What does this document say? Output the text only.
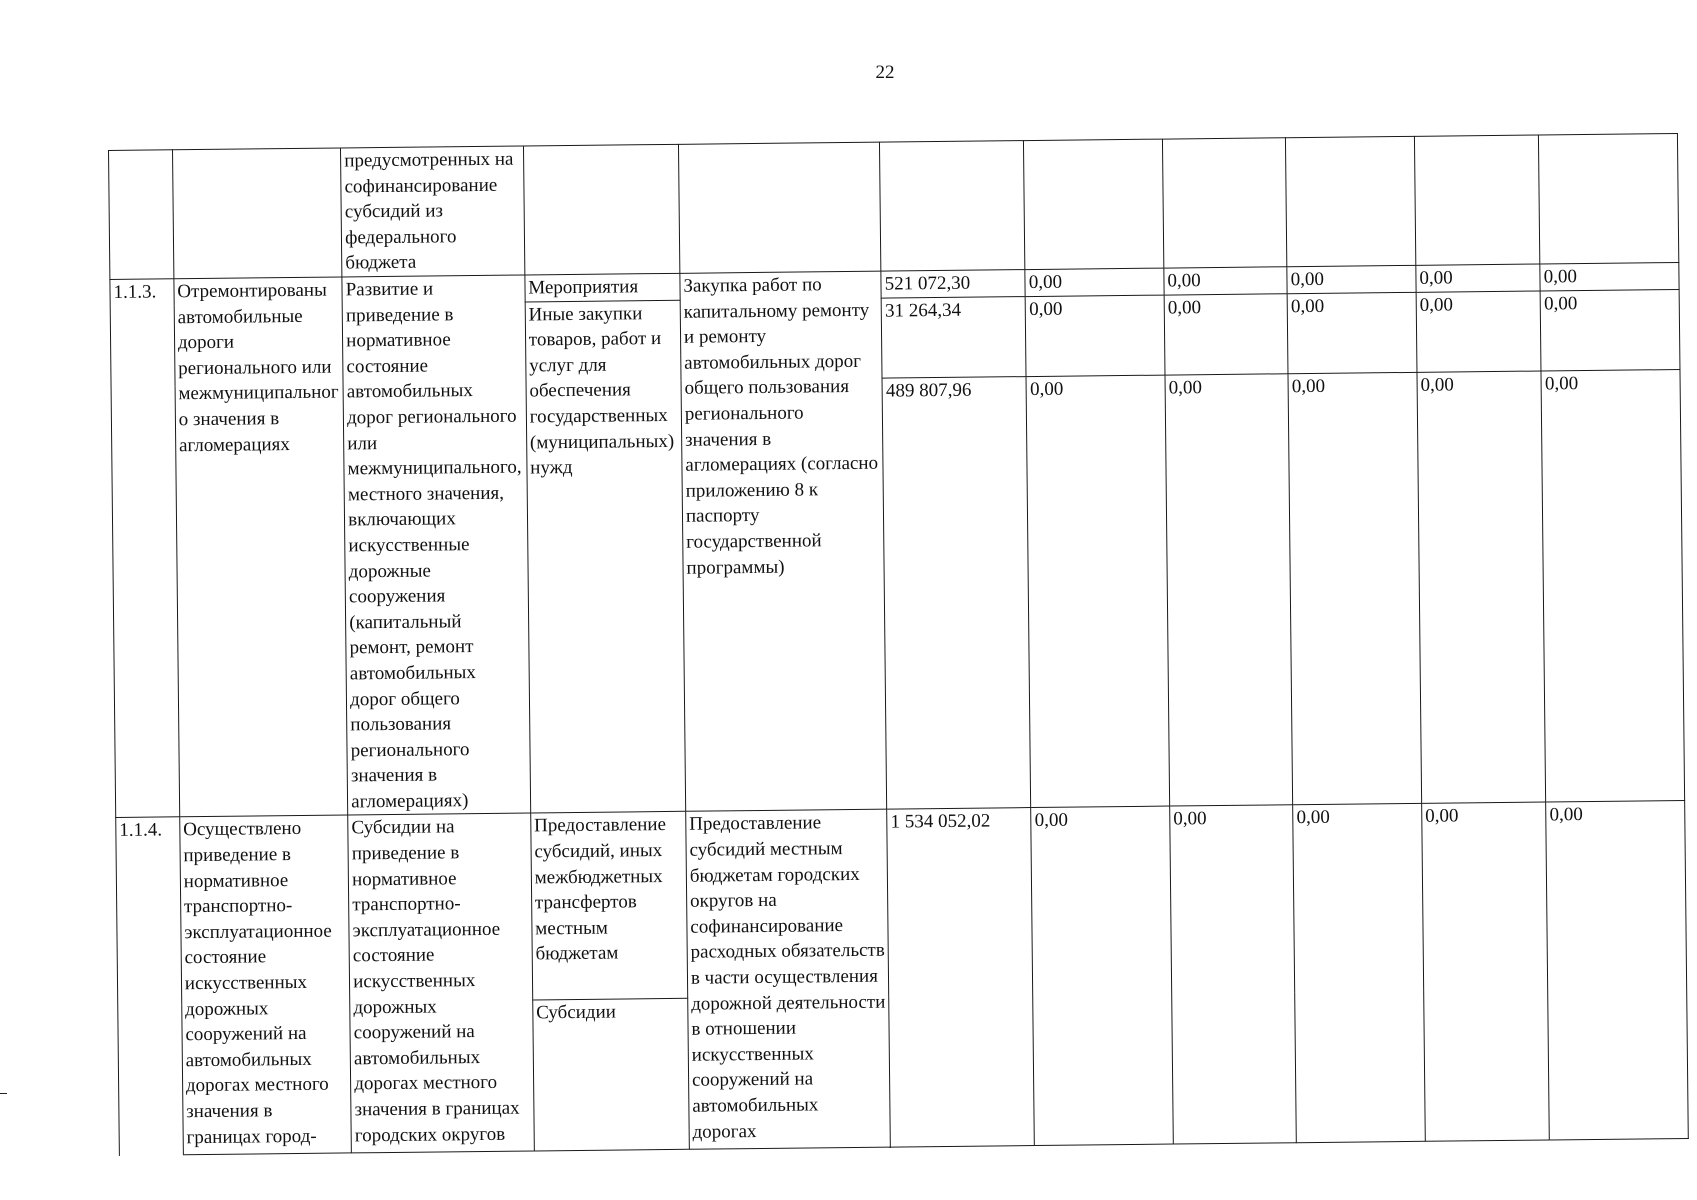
22
		предусмотренных на софинансирование субсидий из федерального бюджета								
1.1.3.	Отремонтированы автомобильные дороги регионального или межмуниципального значения в агломерациях	Развитие и приведение в нормативное состояние автомобильных дорог регионального или межмуниципального, местного значения, включающих искусственные дорожные сооружения (капитальный ремонт, ремонт автомобильных дорог общего пользования регионального значения в агломерациях)	Мероприятия	Закупка работ по капитальному ремонту и ремонту автомобильных дорог общего пользования регионального значения в агломерациях (согласно приложению 8 к паспорту государственной программы)	521 072,30	0,00	0,00	0,00	0,00	0,00
			Иные закупки товаров, работ и услуг для обеспечения государственных (муниципальных) нужд		31 264,34	0,00	0,00	0,00	0,00	0,00
					489 807,96	0,00	0,00	0,00	0,00	0,00
1.1.4.	Осуществлено приведение в нормативное транспортно-эксплуатационное состояние искусственных дорожных сооружений на автомобильных дорогах местного значения в границах город-	Субсидии на приведение в нормативное транспортно-эксплуатационное состояние искусственных дорожных сооружений на автомобильных дорогах местного значения в границах городских округов	Предоставление субсидий, иных межбюджетных трансфертов местным бюджетам	Предоставление субсидий местным бюджетам городских округов на софинансирование расходных обязательств в части осуществления дорожной деятельности в отношении искусственных сооружений на автомобильных дорогах	1 534 052,02	0,00	0,00	0,00	0,00	0,00
			Субсидии							
